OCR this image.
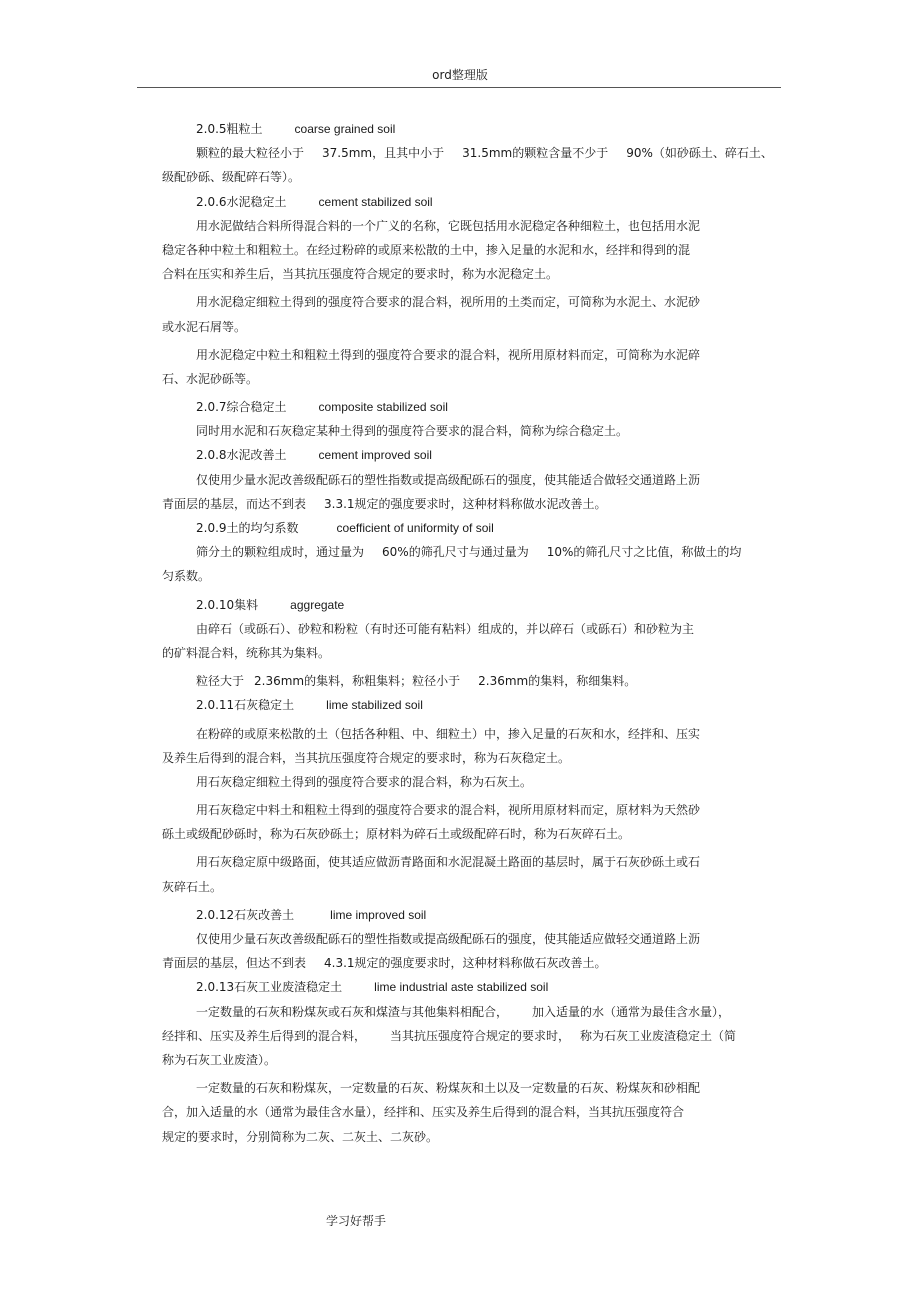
ord整理版
2.0.5粗粒土	coarse grained soil
颗粒的最大粒径小于 37.5mm，且其中小于 31.5mm的颗粒含量不少于 90%（如砂砾土、碎石土、
级配砂砾、级配碎石等）。
2.0.6水泥稳定土	cement stabilized soil
用水泥做结合料所得混合料的一个广义的名称，它既包括用水泥稳定各种细粒土，也包括用水泥
稳定各种中粒土和粗粒土。在经过粉碎的或原来松散的土中，掺入足量的水泥和水，经拌和得到的混
合料在压实和养生后，当其抗压强度符合规定的要求时，称为水泥稳定土。
用水泥稳定细粒土得到的强度符合要求的混合料，视所用的土类而定，可简称为水泥土、水泥砂
或水泥石屑等。
用水泥稳定中粒土和粗粒土得到的强度符合要求的混合料，视所用原材料而定，可简称为水泥碎
石、水泥砂砾等。
2.0.7综合稳定土	composite stabilized soil
同时用水泥和石灰稳定某种土得到的强度符合要求的混合料，简称为综合稳定土。
2.0.8水泥改善土	cement improved soil
仅使用少量水泥改善级配砾石的塑性指数或提高级配砾石的强度，使其能适合做轻交通道路上沥
青面层的基层，而达不到表 3.3.1规定的强度要求时，这种材料称做水泥改善土。
2.0.9土的均匀系数	coefficient of uniformity of soil
筛分土的颗粒组成时，通过量为 60%的筛孔尺寸与通过量为 10%的筛孔尺寸之比值，称做土的均
匀系数。
2.0.10集料	aggregate
由碎石（或砾石）、砂粒和粉粒（有时还可能有粘料）组成的，并以碎石（或砾石）和砂粒为主
的矿料混合料，统称其为集料。
粒径大于 2.36mm的集料，称粗集料；粒径小于 2.36mm的集料，称细集料。
2.0.11石灰稳定土	lime stabilized soil
在粉碎的或原来松散的土（包括各种粗、中、细粒土）中，掺入足量的石灰和水，经拌和、压实
及养生后得到的混合料，当其抗压强度符合规定的要求时，称为石灰稳定土。
用石灰稳定细粒土得到的强度符合要求的混合料，称为石灰土。
用石灰稳定中料土和粗粒土得到的强度符合要求的混合料，视所用原材料而定，原材料为天然砂
砾土或级配砂砾时，称为石灰砂砾土；原材料为碎石土或级配碎石时，称为石灰碎石土。
用石灰稳定原中级路面，使其适应做沥青路面和水泥混凝土路面的基层时，属于石灰砂砾土或石
灰碎石土。
2.0.12石灰改善土	lime improved soil
仅使用少量石灰改善级配砾石的塑性指数或提高级配砾石的强度，使其能适应做轻交通道路上沥
青面层的基层，但达不到表 4.3.1规定的强度要求时，这种材料称做石灰改善土。
2.0.13石灰工业废渣稳定土	lime industrial aste stabilized soil
一定数量的石灰和粉煤灰或石灰和煤渣与其他集料相配合， 加入适量的水（通常为最佳含水量），
经拌和、压实及养生后得到的混合料， 当其抗压强度符合规定的要求时， 称为石灰工业废渣稳定土（简
称为石灰工业废渣）。
一定数量的石灰和粉煤灰，一定数量的石灰、粉煤灰和土以及一定数量的石灰、粉煤灰和砂相配
合，加入适量的水（通常为最佳含水量），经拌和、压实及养生后得到的混合料，当其抗压强度符合
规定的要求时，分别简称为二灰、二灰土、二灰砂。
学习好帮手
